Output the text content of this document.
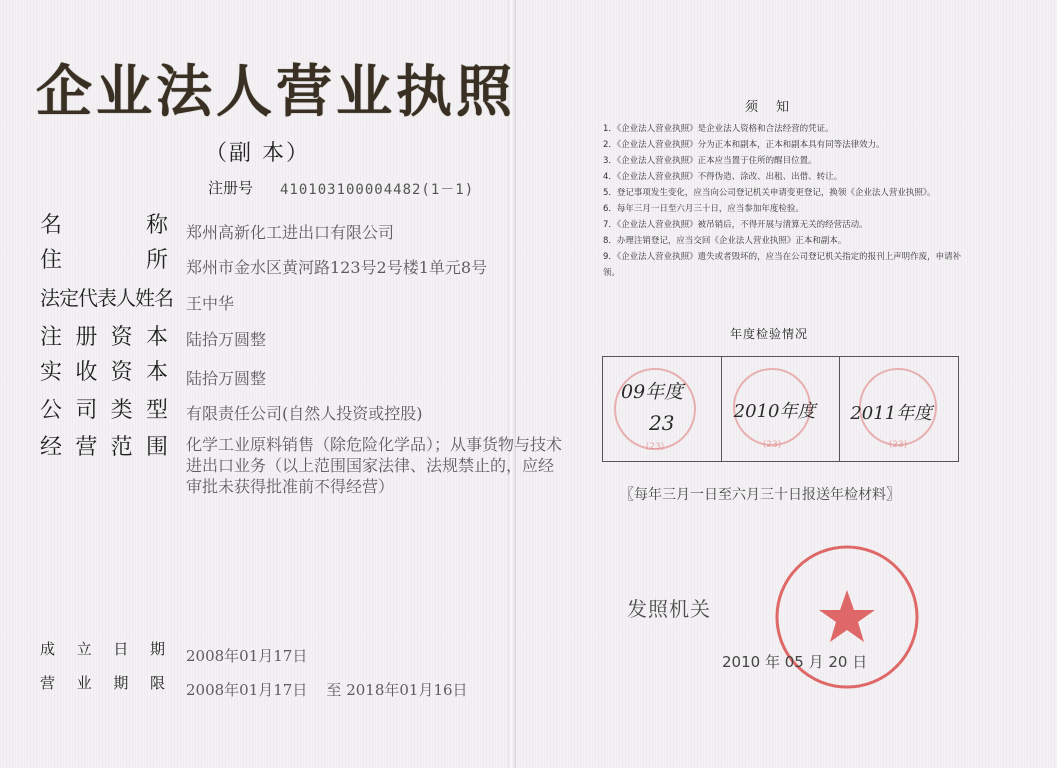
企业法人营业执照
（副 本）
注册号 410103100004482(1－1)
名	称 郑州高新化工进出口有限公司
住	所 郑州市金水区黄河路123号2号楼1单元8号
法 定 代 表 人 姓 名 王中华
注 册 资 本 陆拾万圆整
实 收 资 本 陆拾万圆整
公 司 类 型 有限责任公司(自然人投资或控股)
经 营 范 围 化学工业原料销售（除危险化学品）；从事货物与技术进出口业务（以上范围国家法律、法规禁止的，应经审批未获得批准前不得经营）
成 立 日 期 2008年01月17日
营 业 期 限 2008年01月17日    至 2018年01月16日
须知
1．《企业法人营业执照》是企业法人资格和合法经营的凭证。
2．《企业法人营业执照》分为正本和副本，正本和副本具有同等法律效力。
3．《企业法人营业执照》正本应当置于住所的醒目位置。
4．《企业法人营业执照》不得伪造、涂改、出租、出借、转让。
5．登记事项发生变化，应当向公司登记机关申请变更登记，换领《企业法人营业执照》。
6．每年三月一日至六月三十日，应当参加年度检验。
7．《企业法人营业执照》被吊销后，不得开展与清算无关的经营活动。
8．办理注销登记，应当交回《企业法人营业执照》正本和副本。
9．《企业法人营业执照》遗失或者毁坏的，应当在公司登记机关指定的报刊上声明作废，申请补领。
年度检验情况
(23)
09年度
23
(23)
2010年度
(23)
2011年度
〖每年三月一日至六月三十日报送年检材料〗
发照机关
2010 年 05 月 20 日
